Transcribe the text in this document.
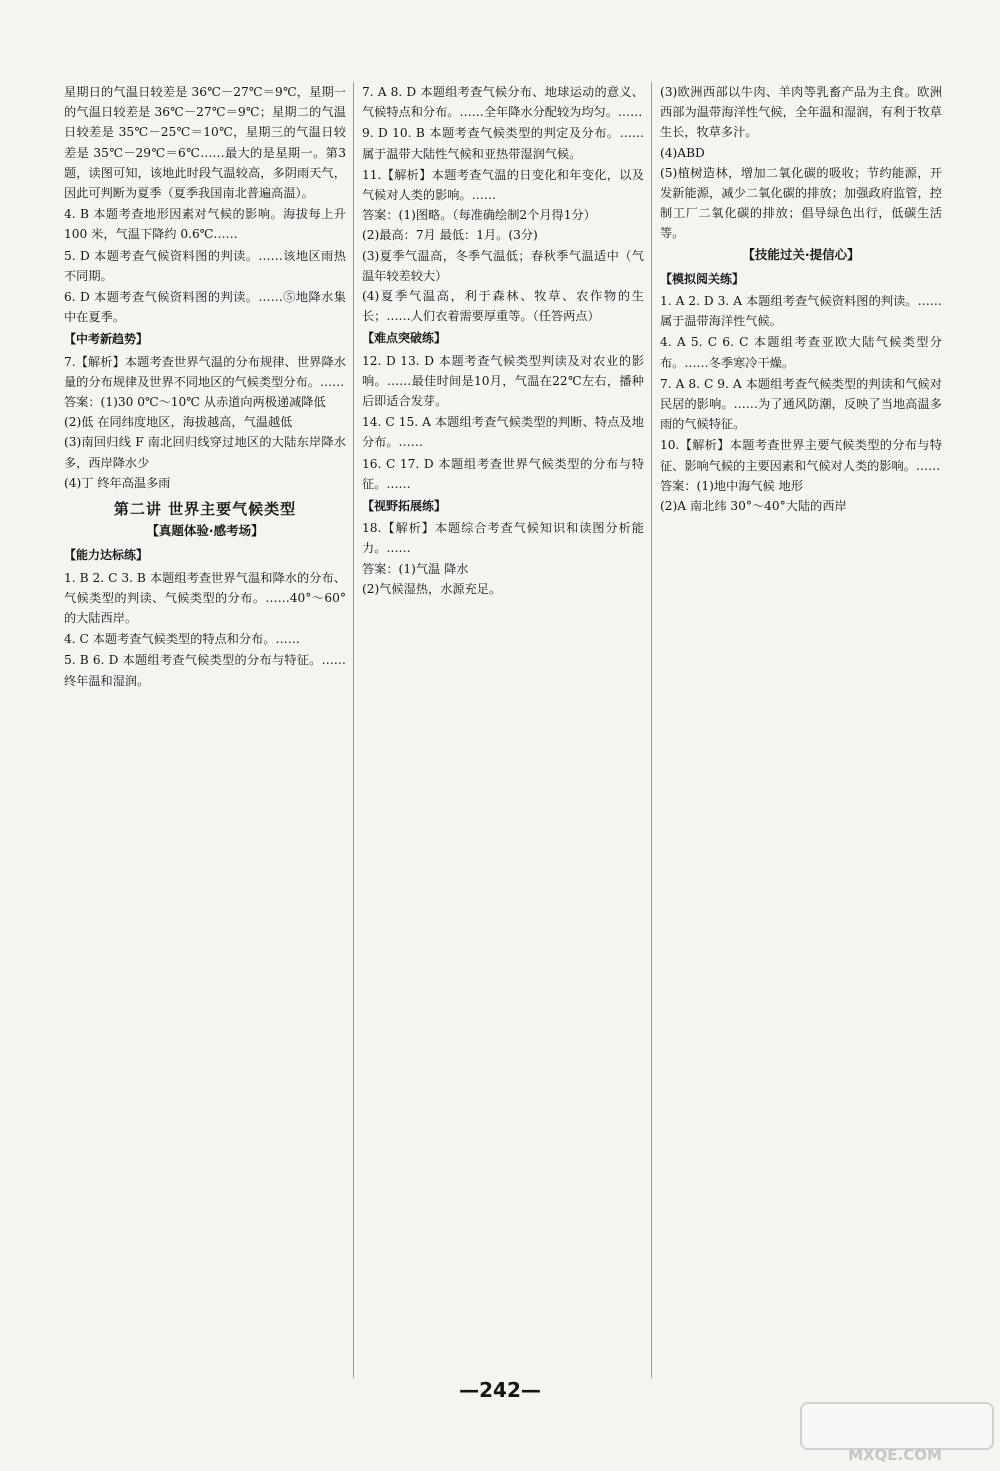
星期日的气温日较差是 36℃－27℃＝9℃，星期一的气温日较差是 36℃－27℃＝9℃；星期二的气温日较差是 35℃－25℃＝10℃，星期三的气温日较差是 35℃－29℃＝6℃……最大的是星期一。第3题，读图可知，该地此时段气温较高，多阴雨天气，因此可判断为夏季（夏季我国南北普遍高温）。
4. B 本题考查地形因素对气候的影响。海拔每上升 100 米，气温下降约 0.6℃……
5. D 本题考查气候资料图的判读。……该地区雨热不同期。
6. D 本题考查气候资料图的判读。……⑤地降水集中在夏季。
【中考新趋势】
7.【解析】本题考查世界气温的分布规律、世界降水量的分布规律及世界不同地区的气候类型分布。……
答案：(1)30 0℃～10℃ 从赤道向两极递减降低
(2)低 在同纬度地区，海拔越高，气温越低
(3)南回归线 F 南北回归线穿过地区的大陆东岸降水多，西岸降水少
(4)丁 终年高温多雨
第二讲 世界主要气候类型
【真题体验·感考场】
【能力达标练】
1. B 2. C 3. B 本题组考查世界气温和降水的分布、气候类型的判读、气候类型的分布。……40°～60°的大陆西岸。
4. C 本题考查气候类型的特点和分布。……
5. B 6. D 本题组考查气候类型的分布与特征。……终年温和湿润。
7. A 8. D 本题组考查气候分布、地球运动的意义、气候特点和分布。……全年降水分配较为均匀。……
9. D 10. B 本题考查气候类型的判定及分布。……属于温带大陆性气候和亚热带湿润气候。
11.【解析】本题考查气温的日变化和年变化，以及气候对人类的影响。……
答案：(1)图略。（每准确绘制2个月得1分）
(2)最高：7月 最低：1月。(3分)
(3)夏季气温高，冬季气温低；春秋季气温适中（气温年较差较大）
(4)夏季气温高，利于森林、牧草、农作物的生长；……人们衣着需要厚重等。（任答两点）
【难点突破练】
12. D 13. D 本题考查气候类型判读及对农业的影响。……最佳时间是10月，气温在22℃左右，播种后即适合发芽。
14. C 15. A 本题组考查气候类型的判断、特点及地分布。……
16. C 17. D 本题组考查世界气候类型的分布与特征。……
【视野拓展练】
18.【解析】本题综合考查气候知识和读图分析能力。……
答案：(1)气温 降水
(2)气候湿热，水源充足。
(3)欧洲西部以牛肉、羊肉等乳畜产品为主食。欧洲西部为温带海洋性气候，全年温和湿润，有利于牧草生长，牧草多汁。
(4)ABD
(5)植树造林，增加二氧化碳的吸收；节约能源，开发新能源，减少二氧化碳的排放；加强政府监管，控制工厂二氧化碳的排放；倡导绿色出行，低碳生活等。
【技能过关·提信心】
【模拟阅关练】
1. A 2. D 3. A 本题组考查气候资料图的判读。……属于温带海洋性气候。
4. A 5. C 6. C 本题组考查亚欧大陆气候类型分布。……冬季寒冷干燥。
7. A 8. C 9. A 本题组考查气候类型的判读和气候对民居的影响。……为了通风防潮，反映了当地高温多雨的气候特征。
10.【解析】本题考查世界主要气候类型的分布与特征、影响气候的主要因素和气候对人类的影响。……
答案：(1)地中海气候 地形
(2)A 南北纬 30°～40°大陆的西岸
—242—
MXQE.COM
